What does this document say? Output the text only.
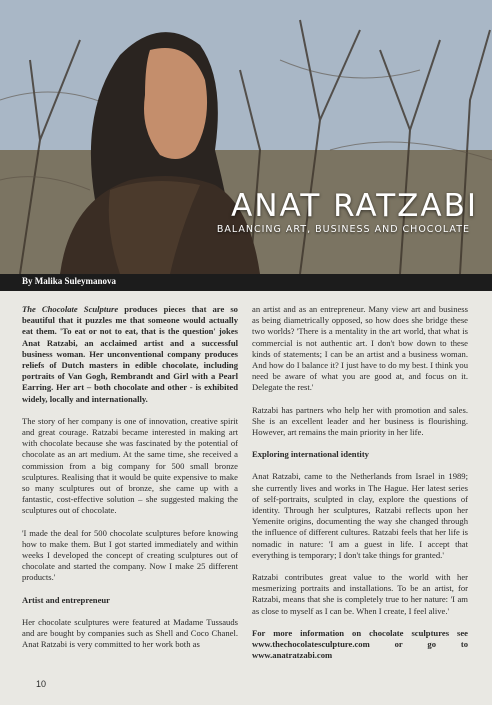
ANAT RATZABI

BALANCING ART, BUSINESS AND CHOCOLATE

By Malika Suleymanova

The Chocolate Sculpture produces pieces that are so beautiful that it puzzles me that someone would actually eat them. 'To eat or not to eat, that is the question' jokes Anat Ratzabi, an acclaimed artist and a successful business woman. Her unconventional company produces reliefs of Dutch masters in edible chocolate, including portraits of Van Gogh, Rembrandt and Girl with a Pearl Earring. Her art – both chocolate and other - is exhibited widely, locally and internationally.

The story of her company is one of innovation, creative spirit and great courage. Ratzabi became interested in making art with chocolate because she was fascinated by the potential of chocolate as an art medium. At the same time, she received a commission from a big company for 500 small bronze sculptures. Realising that it would be quite expensive to make so many sculptures out of bronze, she came up with a fantastic, cost-effective solution – she suggested making the sculptures out of chocolate.

'I made the deal for 500 chocolate sculptures before knowing how to make them. But I got started immediately and within weeks I developed the concept of creating sculptures out of chocolate and started the company. Now I make 25 different products.'

Artist and entrepreneur

Her chocolate sculptures were featured at Madame Tussauds and are bought by companies such as Shell and Coco Chanel. Anat Ratzabi is very committed to her work both as

an artist and as an entrepreneur. Many view art and business as being diametrically opposed, so how does she bridge these two worlds? 'There is a mentality in the art world, that what is commercial is not authentic art. I don't bow down to these kinds of statements; I can be an artist and a business woman. And how do I balance it? I just have to do my best. I think you need be aware of what you are good at, and focus on it. Delegate the rest.'

Ratzabi has partners who help her with promotion and sales. She is an excellent leader and her business is flourishing. However, art remains the main priority in her life.

Exploring international identity

Anat Ratzabi, came to the Netherlands from Israel in 1989; she currently lives and works in The Hague. Her latest series of self-portraits, sculpted in clay, explore the questions of identity. Through her sculptures, Ratzabi reflects upon her Yemenite origins, documenting the way she changed through the influence of different cultures. Ratzabi feels that her life is nomadic in nature: 'I am a guest in life. I accept that everything is temporary; I don't take things for granted.'

Ratzabi contributes great value to the world with her mesmerizing portraits and installations. To be an artist, for Ratzabi, means that she is completely true to her nature: 'I am as close to myself as I can be. When I create, I feel alive.'

For more information on chocolate sculptures see www.thechocolatesculpture.com or go to www.anatratzabi.com

10
